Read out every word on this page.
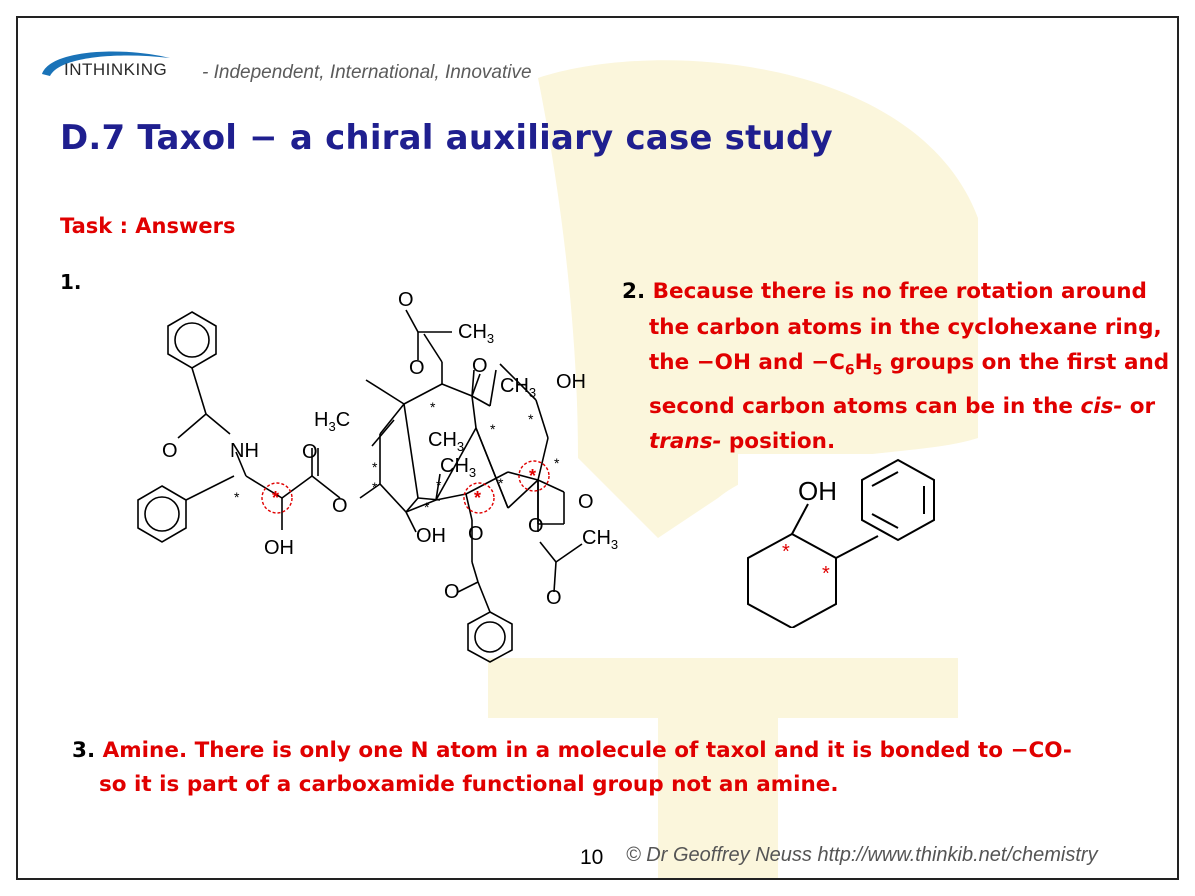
INTHINKING - Independent, International, Innovative
D.7 Taxol − a chiral auxiliary case study
Task : Answers
1.
O
$CH_3$
O O
$CH_3$ OH
$H_3C$
$CH_3$
$CH_3$
O	NH O
O
OH
OH O
O
O
O
$CH_3$
O
*
*
*
*
*
*
*	*
*
*
*	*
*
2. Because there is no free rotation around
the carbon atoms in the cyclohexane ring,
the −OH and $-C_6H_5$ groups on the first and
second carbon atoms can be in the cis- or
trans- position.
OH
*
*
3. Amine. There is only one N atom in a molecule of taxol and it is bonded to −CO-
so it is part of a carboxamide functional group not an amine.
10 © Dr Geoffrey Neuss http://www.thinkib.net/chemistry
